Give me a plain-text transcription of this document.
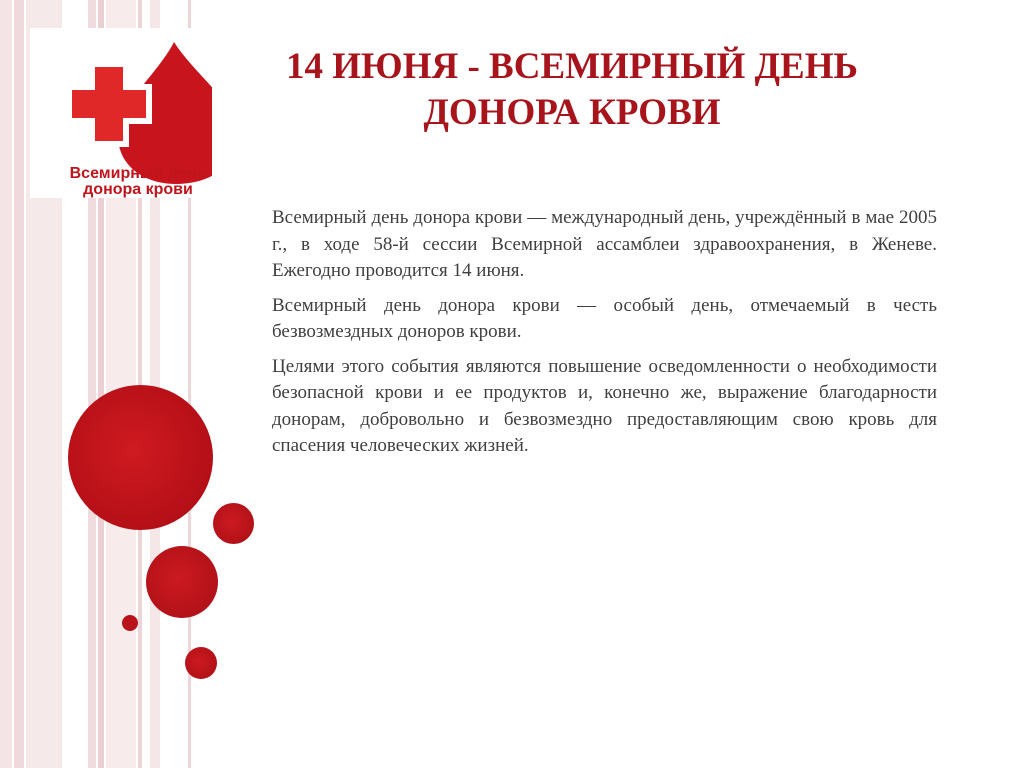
Всемирный день
донора крови
14 ИЮНЯ - ВСЕМИРНЫЙ ДЕНЬ
ДОНОРА КРОВИ

Всемирный день донора крови — международный день, учреждённый в мае 2005 г., в ходе 58-й сессии Всемирной ассамблеи здравоохранения, в Женеве. Ежегодно проводится 14 июня.

Всемирный день донора крови — особый день, отмечаемый в честь безвозмездных доноров крови.

Целями этого события являются повышение осведомленности о необходимости безопасной крови и ее продуктов и, конечно же, выражение благодарности донорам, добровольно и безвозмездно предоставляющим свою кровь для спасения человеческих жизней.
